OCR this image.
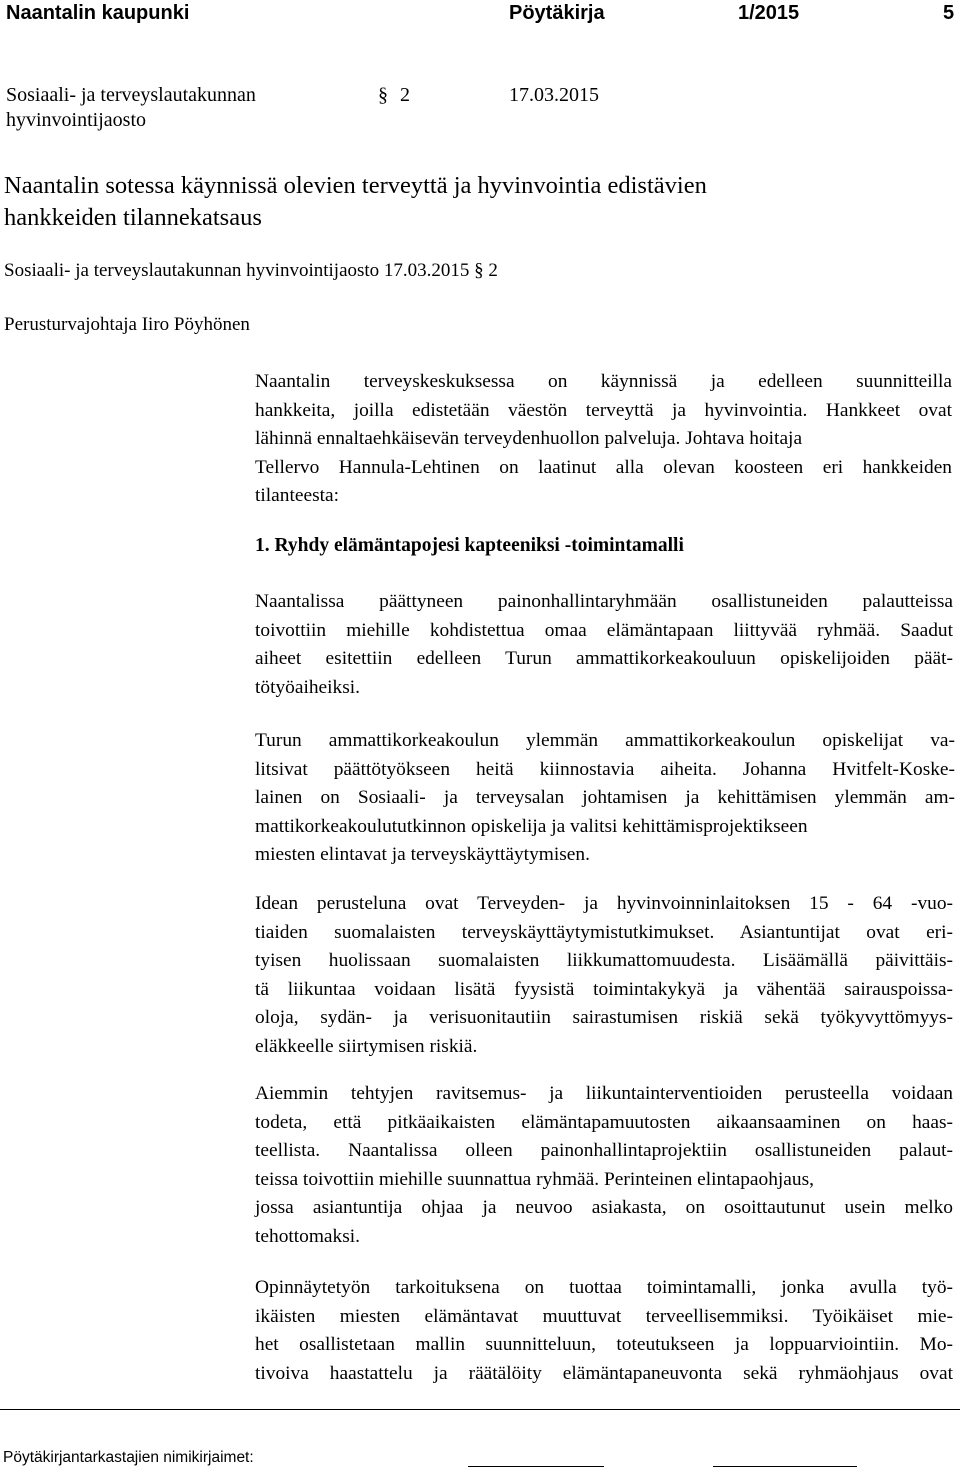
Naantalin kaupunki	Pöytäkirja	1/2015	5
Sosiaali- ja terveyslautakunnan
hyvinvointijaosto
§ 2	17.03.2015
Naantalin sotessa käynnissä olevien terveyttä ja hyvinvointia edistävien
hankkeiden tilannekatsaus
Sosiaali- ja terveyslautakunnan hyvinvointijaosto 17.03.2015 § 2
Perusturvajohtaja Iiro Pöyhönen
Naantalin terveyskeskuksessa on käynnissä ja edelleen suunnitteilla
hankkeita, joilla edistetään väestön terveyttä ja hyvinvointia. Hankkeet ovat
lähinnä ennaltaehkäisevän terveydenhuollon palveluja. Johtava hoitaja
Tellervo Hannula-Lehtinen on laatinut alla olevan koosteen eri hankkeiden
tilanteesta:
1. Ryhdy elämäntapojesi kapteeniksi -toimintamalli
Naantalissa päättyneen painonhallintaryhmään osallistuneiden palautteissa
toivottiin miehille kohdistettua omaa elämäntapaan liittyvää ryhmää. Saadut
aiheet esitettiin edelleen Turun ammattikorkeakouluun opiskelijoiden päät-
tötyöaiheiksi.
Turun ammattikorkeakoulun ylemmän ammattikorkeakoulun opiskelijat va-
litsivat päättötyökseen heitä kiinnostavia aiheita. Johanna Hvitfelt-Koske-
lainen on Sosiaali- ja terveysalan johtamisen ja kehittämisen ylemmän am-
mattikorkeakoulututkinnon opiskelija ja valitsi kehittämisprojektikseen
miesten elintavat ja terveyskäyttäytymisen.
Idean perusteluna ovat Terveyden- ja hyvinvoinninlaitoksen 15 - 64 -vuo-
tiaiden suomalaisten terveyskäyttäytymistutkimukset. Asiantuntijat ovat eri-
tyisen huolissaan suomalaisten liikkumattomuudesta. Lisäämällä päivittäis-
tä liikuntaa voidaan lisätä fyysistä toimintakykyä ja vähentää sairauspoissa-
oloja, sydän- ja verisuonitautiin sairastumisen riskiä sekä työkyvyttömyys-
eläkkeelle siirtymisen riskiä.
Aiemmin tehtyjen ravitsemus- ja liikuntainterventioiden perusteella voidaan
todeta, että pitkäaikaisten elämäntapamuutosten aikaansaaminen on haas-
teellista. Naantalissa olleen painonhallintaprojektiin osallistuneiden palaut-
teissa toivottiin miehille suunnattua ryhmää. Perinteinen elintapaohjaus,
jossa asiantuntija ohjaa ja neuvoo asiakasta, on osoittautunut usein melko
tehottomaksi.
Opinnäytetyön tarkoituksena on tuottaa toimintamalli, jonka avulla työ-
ikäisten miesten elämäntavat muuttuvat terveellisemmiksi. Työikäiset mie-
het osallistetaan mallin suunnitteluun, toteutukseen ja loppuarviointiin. Mo-
tivoiva haastattelu ja räätälöity elämäntapaneuvonta sekä ryhmäohjaus ovat
Pöytäkirjantarkastajien nimikirjaimet:
